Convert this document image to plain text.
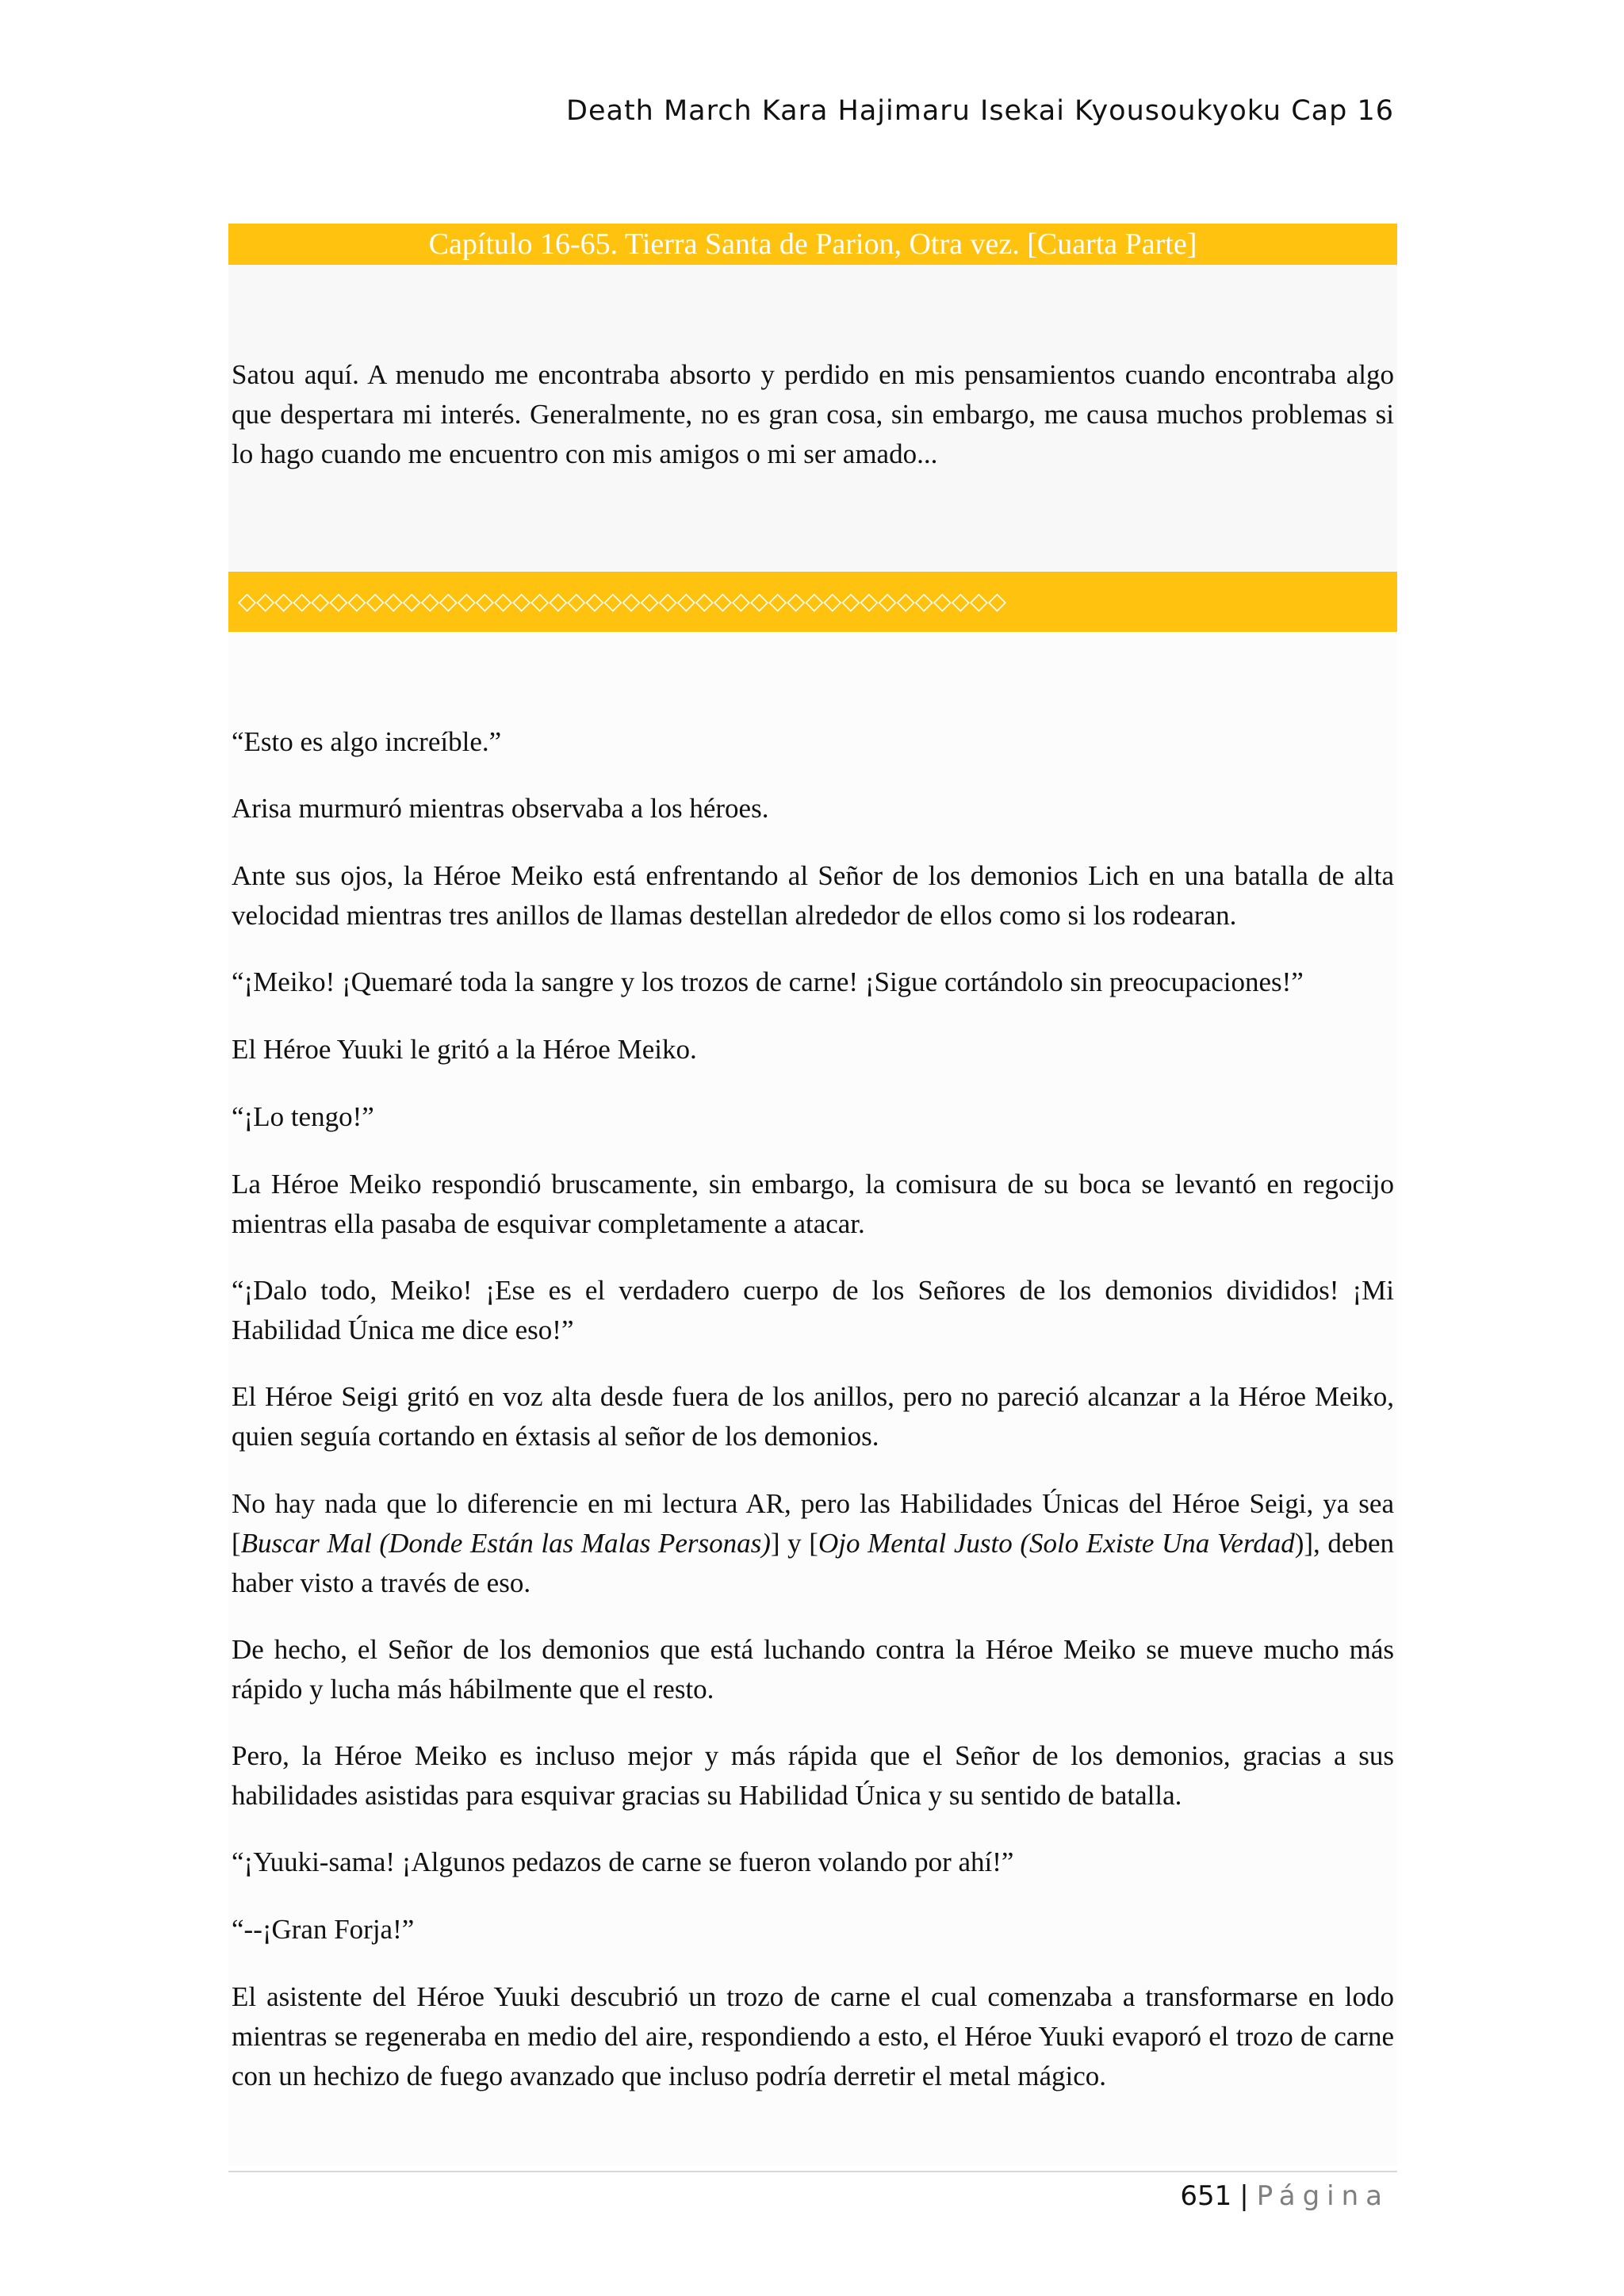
Death March Kara Hajimaru Isekai Kyousoukyoku Cap 16
Capítulo 16-65. Tierra Santa de Parion, Otra vez. [Cuarta Parte]

Satou aquí. A menudo me encontraba absorto y perdido en mis pensamientos cuando encontraba algo que despertara mi interés. Generalmente, no es gran cosa, sin embargo, me causa muchos problemas si lo hago cuando me encuentro con mis amigos o mi ser amado...

◇◇◇◇◇◇◇◇◇◇◇◇◇◇◇◇◇◇◇◇◇◇◇◇◇◇◇◇◇◇◇◇◇◇◇◇◇◇◇◇◇◇

“Esto es algo increíble.”

Arisa murmuró mientras observaba a los héroes.

Ante sus ojos, la Héroe Meiko está enfrentando al Señor de los demonios Lich en una batalla de alta velocidad mientras tres anillos de llamas destellan alrededor de ellos como si los rodearan.

“¡Meiko! ¡Quemaré toda la sangre y los trozos de carne! ¡Sigue cortándolo sin preocupaciones!”

El Héroe Yuuki le gritó a la Héroe Meiko.

“¡Lo tengo!”

La Héroe Meiko respondió bruscamente, sin embargo, la comisura de su boca se levantó en regocijo mientras ella pasaba de esquivar completamente a atacar.

“¡Dalo todo, Meiko! ¡Ese es el verdadero cuerpo de los Señores de los demonios divididos! ¡Mi Habilidad Única me dice eso!”

El Héroe Seigi gritó en voz alta desde fuera de los anillos, pero no pareció alcanzar a la Héroe Meiko, quien seguía cortando en éxtasis al señor de los demonios.

No hay nada que lo diferencie en mi lectura AR, pero las Habilidades Únicas del Héroe Seigi, ya sea [Buscar Mal (Donde Están las Malas Personas)] y [Ojo Mental Justo (Solo Existe Una Verdad)], deben haber visto a través de eso.

De hecho, el Señor de los demonios que está luchando contra la Héroe Meiko se mueve mucho más rápido y lucha más hábilmente que el resto.

Pero, la Héroe Meiko es incluso mejor y más rápida que el Señor de los demonios, gracias a sus habilidades asistidas para esquivar gracias su Habilidad Única y su sentido de batalla.

“¡Yuuki-sama! ¡Algunos pedazos de carne se fueron volando por ahí!”

“--¡Gran Forja!”

El asistente del Héroe Yuuki descubrió un trozo de carne el cual comenzaba a transformarse en lodo mientras se regeneraba en medio del aire, respondiendo a esto, el Héroe Yuuki evaporó el trozo de carne con un hechizo de fuego avanzado que incluso podría derretir el metal mágico.

651 | Página
